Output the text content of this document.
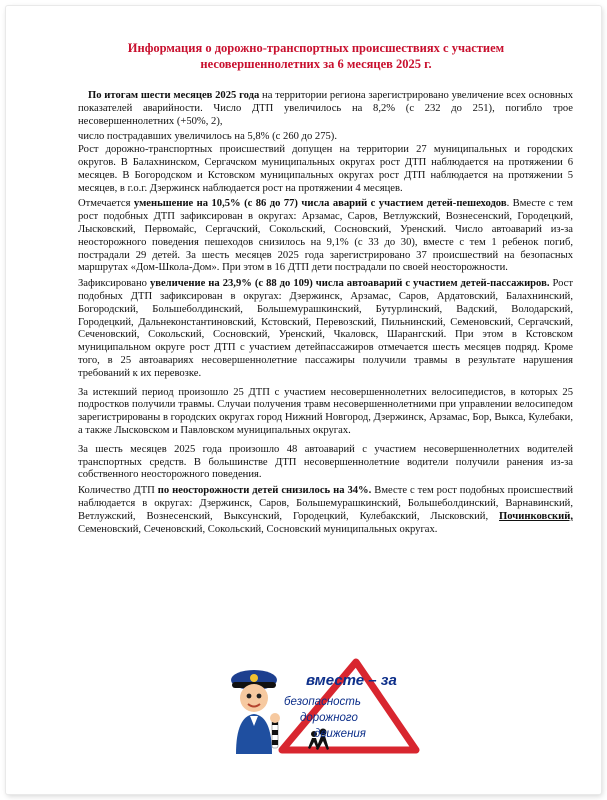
Информация о дорожно-транспортных происшествиях с участием
несовершеннолетних за 6 месяцев 2025 г.

По итогам шести месяцев 2025 года на территории региона зарегистрировано увеличение всех основных показателей аварийности. Число ДТП увеличилось на 8,2% (с 232 до 251), погибло трое несовершеннолетних (+50%, 2),

число пострадавших увеличилось на 5,8% (с 260 до 275).

Рост дорожно-транспортных происшествий допущен на территории 27 муниципальных и городских округов. В Балахнинском, Сергачском муниципальных округах рост ДТП наблюдается на протяжении 6 месяцев. В Богородском и Кстовском муниципальных округах рост ДТП наблюдается на протяжении 5 месяцев, в г.о.г. Дзержинск наблюдается рост на протяжении 4 месяцев.

Отмечается уменьшение на 10,5% (с 86 до 77) числа аварий с участием детей-пешеходов. Вместе с тем рост подобных ДТП зафиксирован в округах: Арзамас, Саров, Ветлужский, Вознесенский, Городецкий, Лысковский, Первомайс, Сергачский, Сокольский, Сосновский, Уренский. Число автоаварий из-за неосторожного поведения пешеходов снизилось на 9,1% (с 33 до 30), вместе с тем 1 ребенок погиб, пострадали 29 детей. За шесть месяцев 2025 года зарегистрировано 37 происшествий на безопасных маршрутах «Дом-Школа-Дом». При этом в 16 ДТП дети пострадали по своей неосторожности.

Зафиксировано увеличение на 23,9% (с 88 до 109) числа автоаварий с участием детей-пассажиров. Рост подобных ДТП зафиксирован в округах: Дзержинск, Арзамас, Саров, Ардатовский, Балахнинский, Богородский, Большеболдинский, Большемурашкинский, Бутурлинский, Вадский, Володарский, Городецкий, Дальнеконстантиновский, Кстовский, Перевозский, Пильнинский, Семеновский, Сергачский, Сеченовский, Сокольский, Сосновский, Уренский, Чкаловск, Шарангский. При этом в Кстовском муниципальном округе рост ДТП с участием детейпассажиров отмечается шесть месяцев подряд. Кроме того, в 25 автоавариях несовершеннолетние пассажиры получили травмы в результате нарушения требований к их перевозке.

За истекший период произошло 25 ДТП с участием несовершеннолетних велосипедистов, в которых 25 подростков получили травмы. Случаи получения травм несовершеннолетними при управлении велосипедом зарегистрированы в городских округах город Нижний Новгород, Дзержинск, Арзамас, Бор, Выкса, Кулебаки, а также Лысковском и Павловском муниципальных округах.

За шесть месяцев 2025 года произошло 48 автоаварий с участием несовершеннолетних водителей транспортных средств. В большинстве ДТП несовершеннолетние водители получили ранения из-за собственного неосторожного поведения.

Количество ДТП по неосторожности детей снизилось на 34%. Вместе с тем рост подобных происшествий наблюдается в округах: Дзержинск, Саров, Большемурашкинский, Большеболдинский, Варнавинский, Ветлужский, Вознесенский, Выксунский, Городецкий, Кулебакский, Лысковский, Починковский, Семеновский, Сеченовский, Сокольский, Сосновский муниципальных округах.

вместе – за
безопасность
дорожного
движения
